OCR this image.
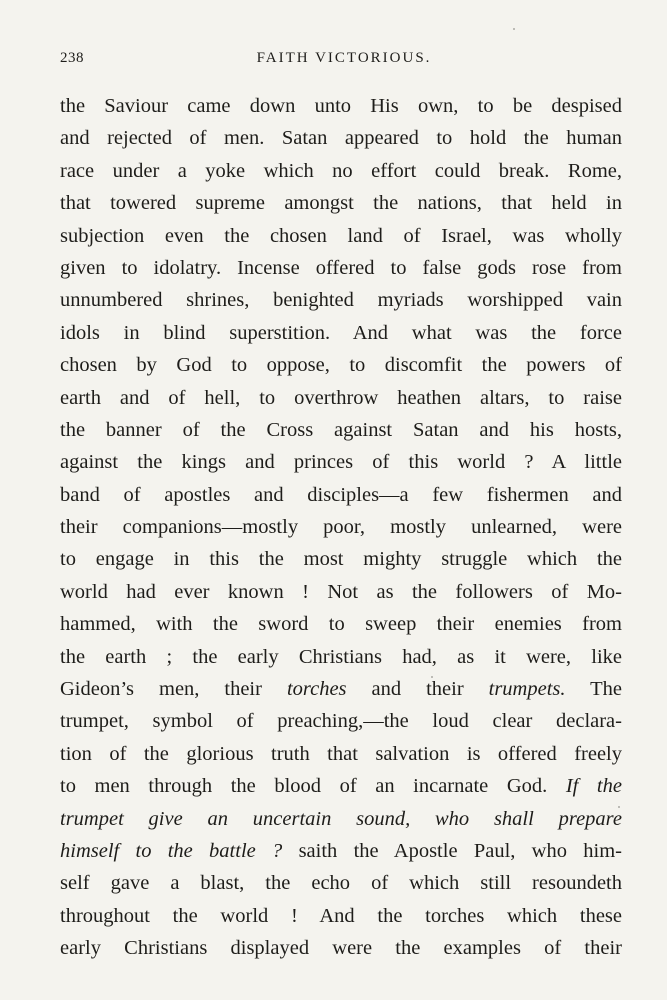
238	FAITH VICTORIOUS.
the Saviour came down unto His own, to be despised
and rejected of men. Satan appeared to hold the human
race under a yoke which no effort could break. Rome,
that towered supreme amongst the nations, that held in
subjection even the chosen land of Israel, was wholly
given to idolatry. Incense offered to false gods rose from
unnumbered shrines, benighted myriads worshipped vain
idols in blind superstition. And what was the force
chosen by God to oppose, to discomfit the powers of
earth and of hell, to overthrow heathen altars, to raise
the banner of the Cross against Satan and his hosts,
against the kings and princes of this world ? A little
band of apostles and disciples—a few fishermen and
their companions—mostly poor, mostly unlearned, were
to engage in this the most mighty struggle which the
world had ever known ! Not as the followers of Mo-
hammed, with the sword to sweep their enemies from
the earth ; the early Christians had, as it were, like
Gideon’s men, their torches and their trumpets. The
trumpet, symbol of preaching,—the loud clear declara-
tion of the glorious truth that salvation is offered freely
to men through the blood of an incarnate God. If the
trumpet give an uncertain sound, who shall prepare
himself to the battle ? saith the Apostle Paul, who him-
self gave a blast, the echo of which still resoundeth
throughout the world ! And the torches which these
early Christians displayed were the examples of their
